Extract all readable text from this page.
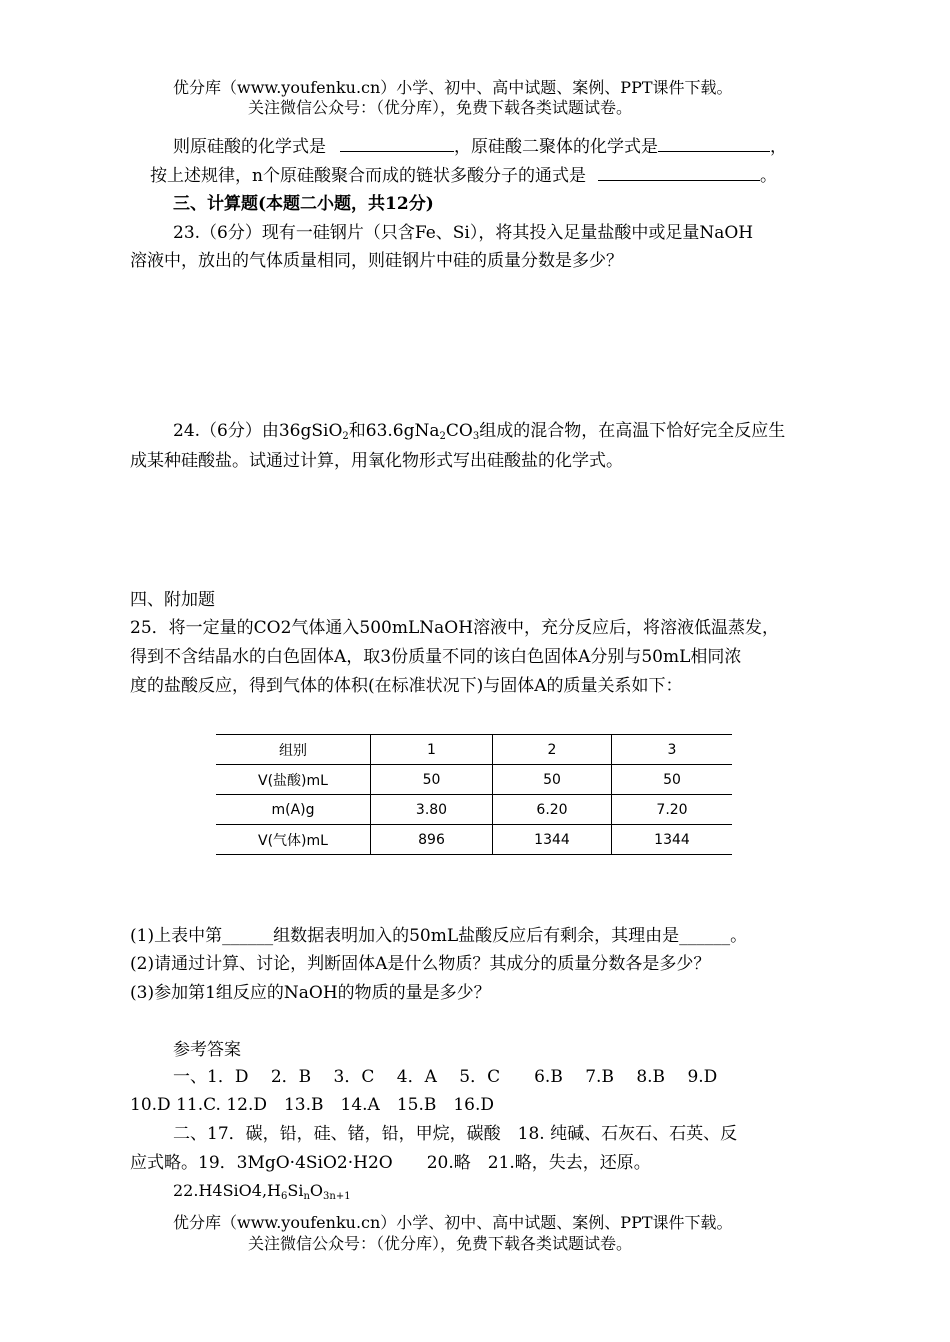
优分库（www.youfenku.cn）小学、初中、高中试题、案例、PPT课件下载。
关注微信公众号：（优分库），免费下载各类试题试卷。
则原硅酸的化学式是	，原硅酸二聚体的化学式是	，
按上述规律，n个原硅酸聚合而成的链状多酸分子的通式是	。
三、计算题(本题二小题，共12分)
23.（6分）现有一硅钢片（只含Fe、Si），将其投入足量盐酸中或足量NaOH
溶液中，放出的气体质量相同，则硅钢片中硅的质量分数是多少？
24.（6分）由36gSiO$_2$和$63.6gNa_2CO_3$组成的混合物，在高温下恰好完全反应生
成某种硅酸盐。试通过计算，用氧化物形式写出硅酸盐的化学式。
四、附加题
25．将一定量的CO2气体通入500mLNaOH溶液中，充分反应后，将溶液低温蒸发，
得到不含结晶水的白色固体A，取3份质量不同的该白色固体A分别与50mL相同浓
度的盐酸反应，得到气体的体积(在标准状况下)与固体A的质量关系如下：
组别	1	2	3
V(盐酸)mL	50	50	50
m(A)g	3.80	6.20	7.20
V(气体)mL	896	1344	1344
(1)上表中第______组数据表明加入的50mL盐酸反应后有剩余，其理由是______。
(2)请通过计算、讨论，判断固体A是什么物质？其成分的质量分数各是多少？
(3)参加第1组反应的NaOH的物质的量是多少？
参考答案
一、1．D　 2．B　 3．C　 4．A　 5．C　　6.B　 7.B　 8.B　 9.D
10.D 11.C. 12.D　13.B　14.A　15.B　16.D
二、17．碳，铅，硅、锗，铅，甲烷，碳酸　18. 纯碱、石灰石、石英、反
应式略。19．3MgO·4SiO2·H2O　　20.略　21.略，失去，还原。
$22.H4SiO4,H_6Si_nO_{3n+1}$
优分库（www.youfenku.cn）小学、初中、高中试题、案例、PPT课件下载。
关注微信公众号：（优分库），免费下载各类试题试卷。
